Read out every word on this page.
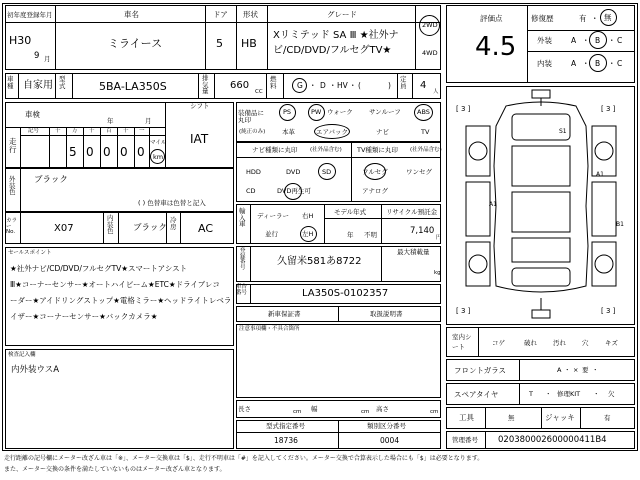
初年度登録年月
H30
9 月
車名
ミライース
ドア
5
形状
HB
グレード
Xリミテッド SA Ⅲ ★社外ナ
ビ/CD/DVD/フルセグTV★
2WD
4WD
評価点
4.5
修復歴	有 ・ 無
外装	A ・ B ・ C
内装	A ・ B ・ C
車種 自家用
型式	5BA-LA350S
排気量 660
CC
燃料	G ・ D ・ HV ・ (	)
定員 4
人
シフト
車検
年	月
記号	十 万 千 百 十 一
走行	5 0 0 0 0
マイル
km
IAT
外装色
ブラック
( ) 色替車は色替と記入
カラーNo.	X07
内装色 ブラック
冷房 AC
セールスポイント
★社外ナビ/CD/DVD/フルセグTV★スマートアシスト
Ⅲ★コーナーセンサー★オートハイビーム★ETC★ドライブレコ
ーダー★アイドリングストップ★電格ミラー★ヘッドライトレベラ
イザー★コーナーセンサー★バックカメラ★
検査記入欄
内外装ウスA
装備品に丸印
(純正のみ)
PS	PW ウォーク	サンルーフ	ABS
本革	エアバック	ナビ	TV
ナビ種類に丸印 (社外品含む) TV種類に丸印 (社外品含む)
HDD	DVD	SD
CD	DVD再生可
フルセグ	ワンセグ
アナログ
輸入車
ディーラー
並行
右H
左H
モデル年式
年 不明
リサイクル預託金
7,140
円
登録番号
久留米581あ8722
最大積載量
kg
車台番号	LA350S-0102357
新車保証書	取扱説明書
注意事項欄・不具合箇所
長さ	cm 幅	cm 高さ	cm
型式指定番号
18736
類別区分番号
0004
[ 3 ]	[ 3 ]
[ 3 ]	[ 3 ]
S1
A1
A1
B1
室内シート	コゲ	破れ 汚れ 穴	キズ
フロントガラス	A ・ × 要 ・
スペアタイヤ	T ・ 修理KIT ・ 欠
工具	無	ジャッキ	有
管理番号 020380002600000411B4
走行距離の記号欄にメーター改ざん車は「※」、メーター交換車は「$」、走行不明車は「#」を記入してください。メーター交換で合算表示した場合にも「$」は必要となります。
また、メーター交換の条件を満たしていないものはメーター改ざん車となります。
